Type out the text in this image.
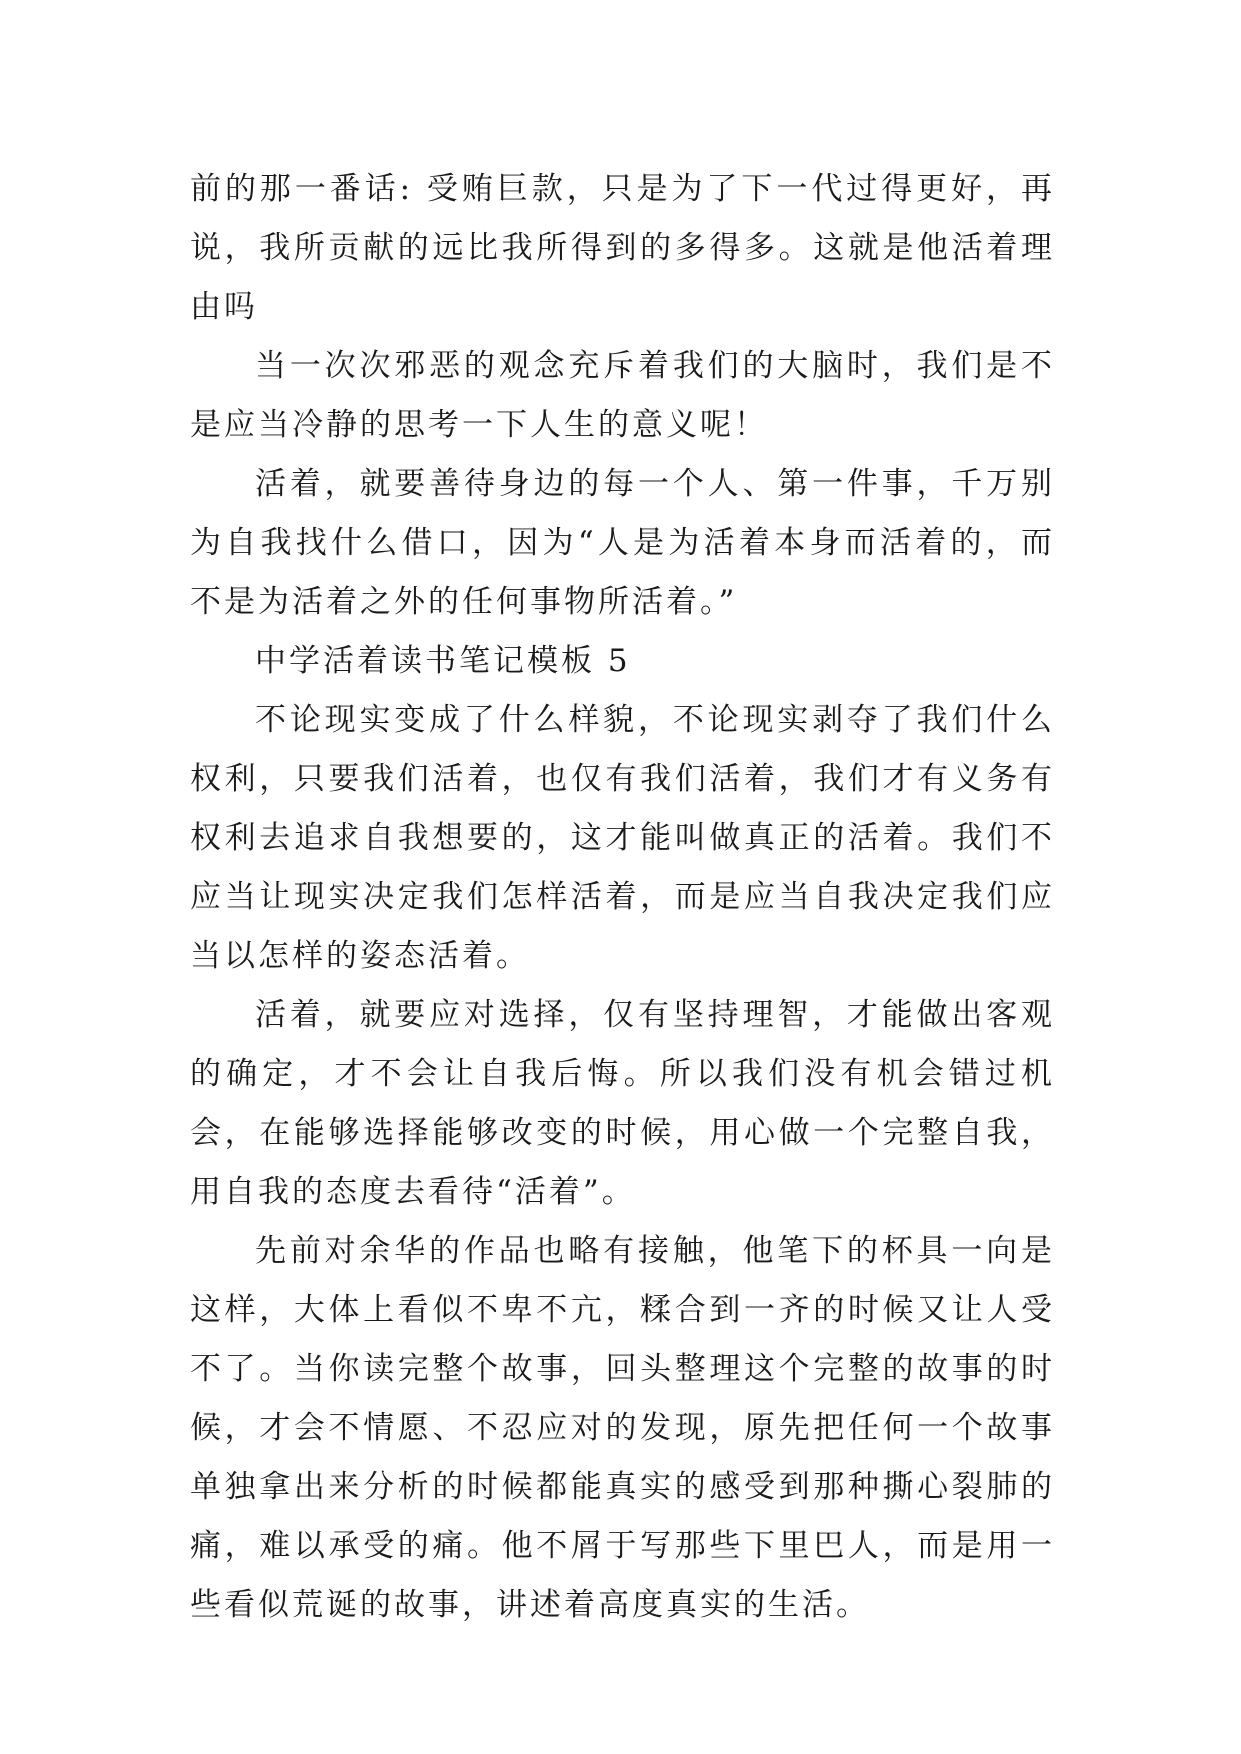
前的那一番话: 受贿巨款，只是为了下一代过得更好，再说，我所贡献的远比我所得到的多得多。这就是他活着理由吗

当一次次邪恶的观念充斥着我们的大脑时，我们是不是应当冷静的思考一下人生的意义呢！

活着，就要善待身边的每一个人、第一件事，千万别为自我找什么借口，因为“人是为活着本身而活着的，而不是为活着之外的任何事物所活着。”

中学活着读书笔记模板 5

不论现实变成了什么样貌，不论现实剥夺了我们什么权利，只要我们活着，也仅有我们活着，我们才有义务有权利去追求自我想要的，这才能叫做真正的活着。我们不应当让现实决定我们怎样活着，而是应当自我决定我们应当以怎样的姿态活着。

活着，就要应对选择，仅有坚持理智，才能做出客观的确定，才不会让自我后悔。所以我们没有机会错过机会，在能够选择能够改变的时候，用心做一个完整自我，用自我的态度去看待“活着”。

先前对余华的作品也略有接触，他笔下的杯具一向是这样，大体上看似不卑不亢，糅合到一齐的时候又让人受不了。当你读完整个故事，回头整理这个完整的故事的时候，才会不情愿、不忍应对的发现，原先把任何一个故事单独拿出来分析的时候都能真实的感受到那种撕心裂肺的痛，难以承受的痛。他不屑于写那些下里巴人，而是用一些看似荒诞的故事，讲述着高度真实的生活。
